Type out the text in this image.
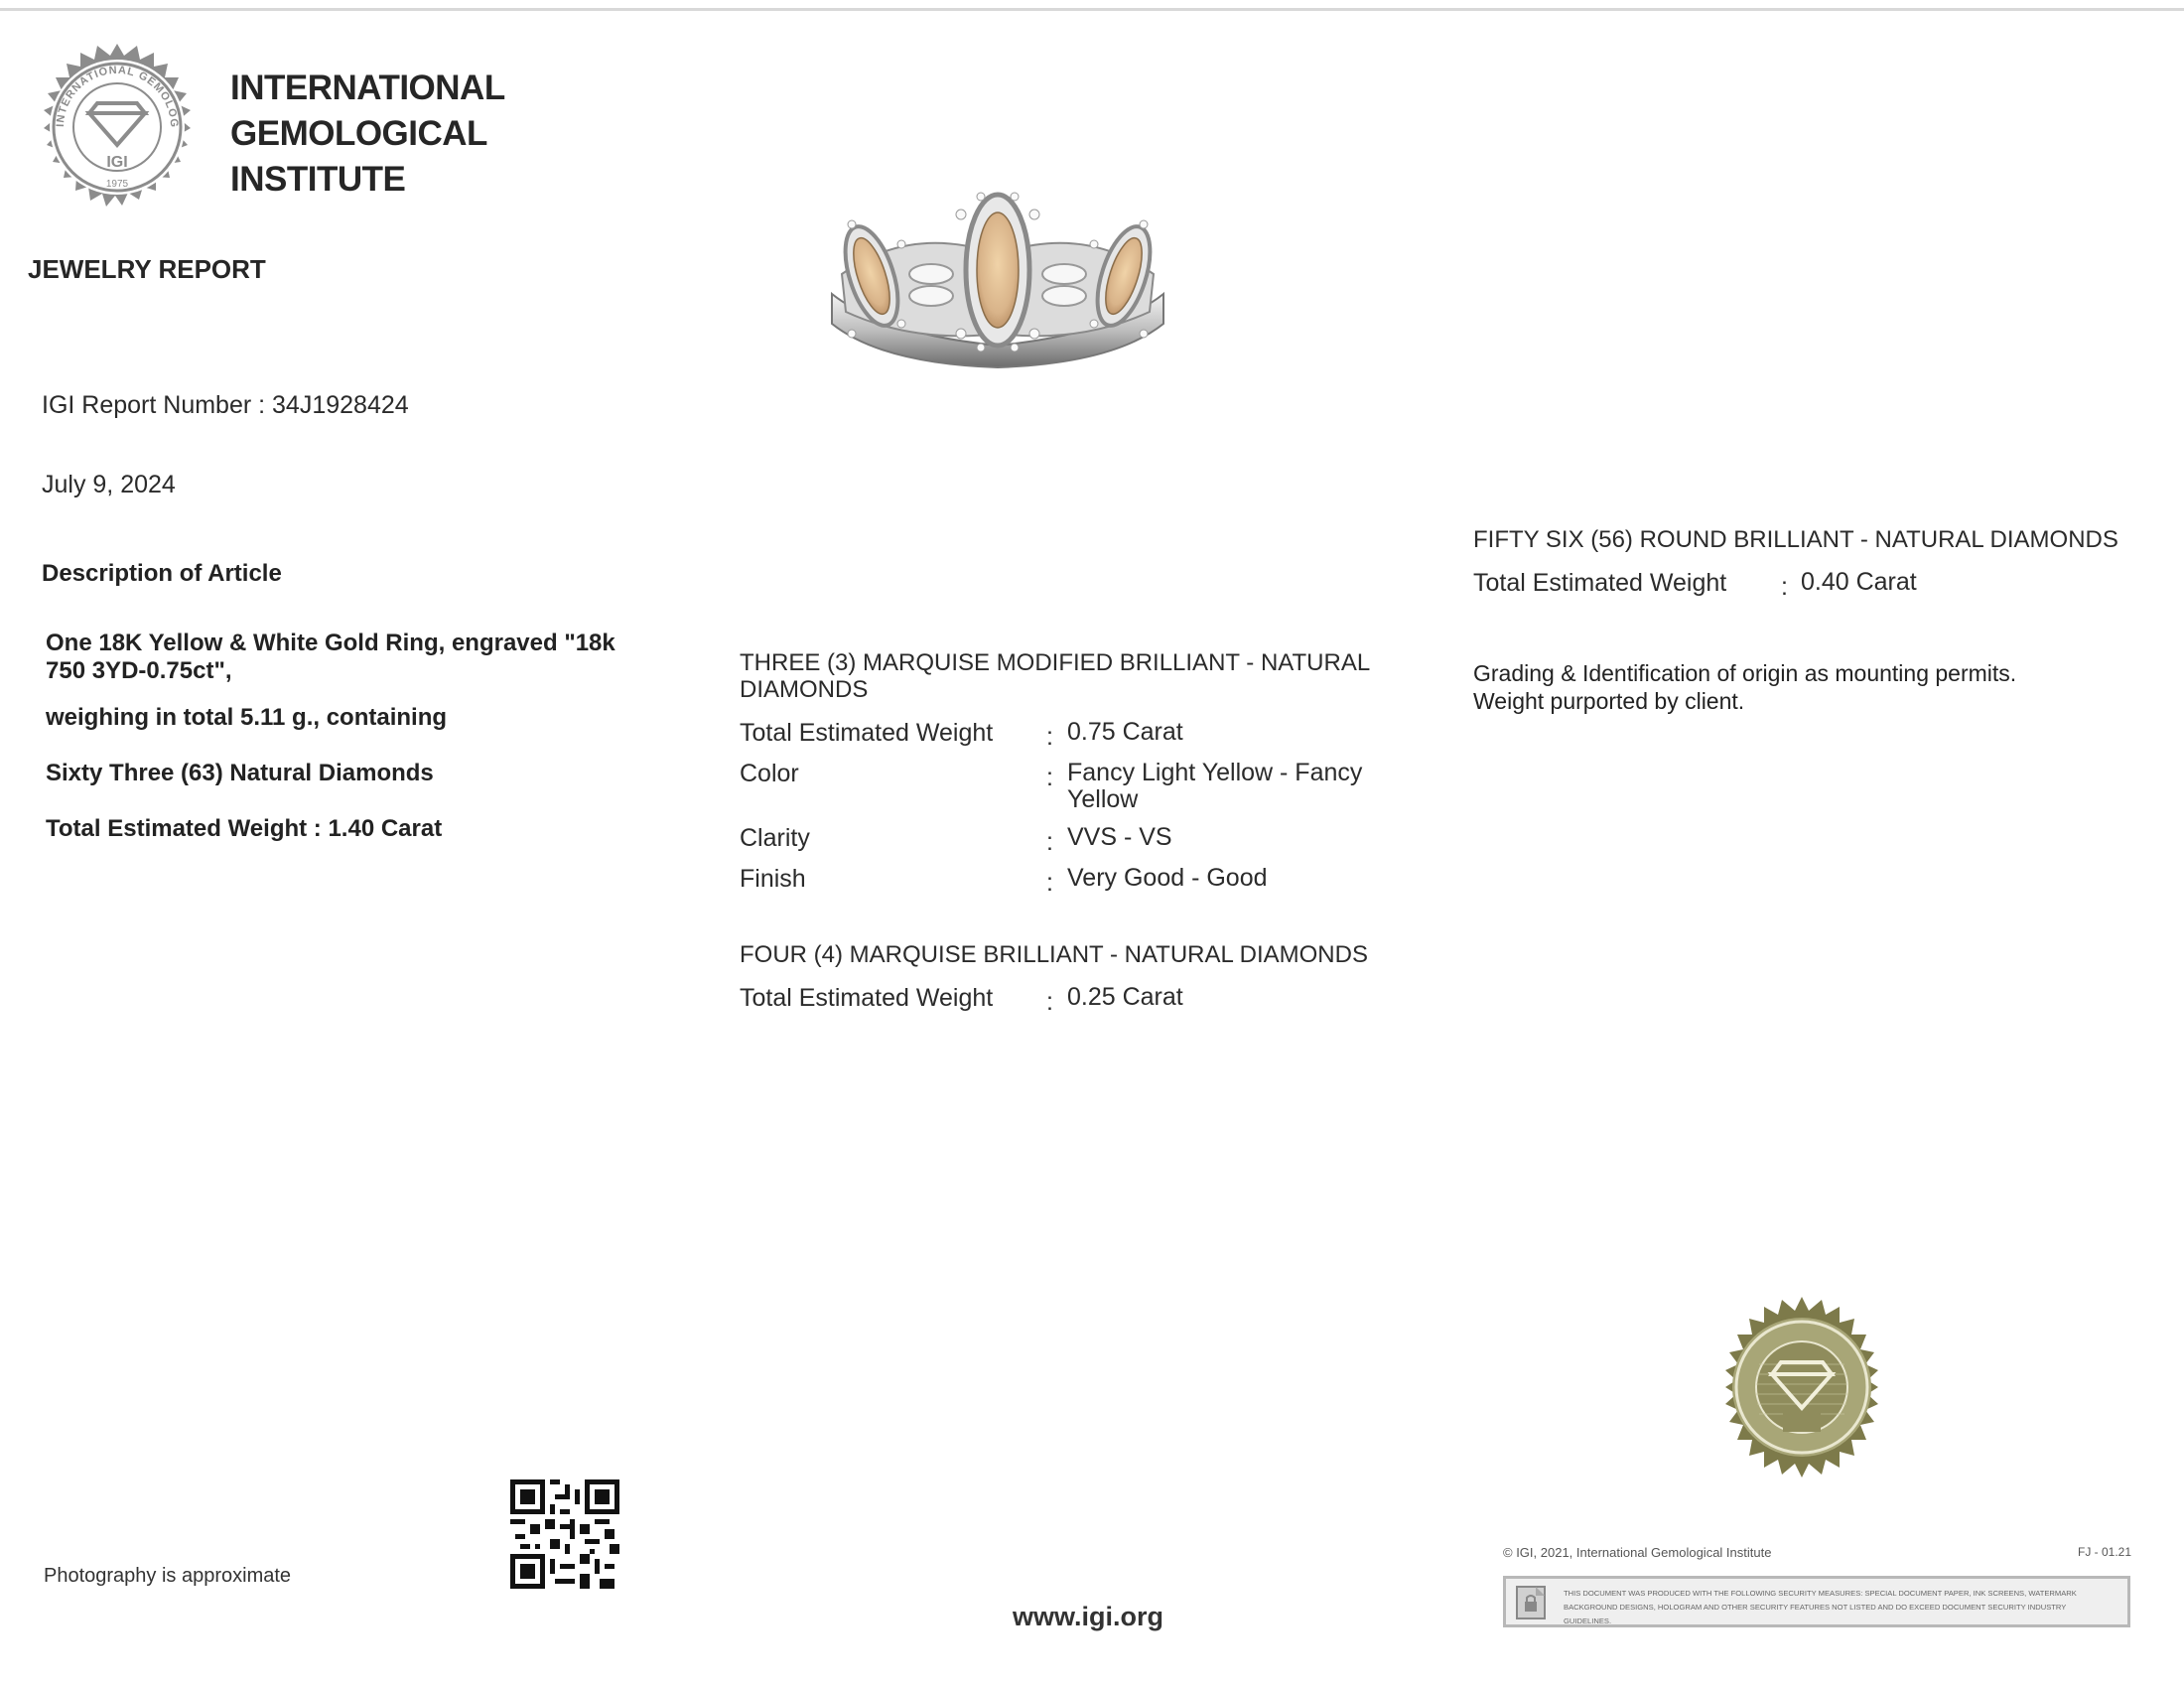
INTERNATIONAL GEMOLOG
IGI
1975
INTERNATIONAL
GEMOLOGICAL
INSTITUTE
JEWELRY REPORT
IGI Report Number : 34J1928424
July 9, 2024
Description of Article
One 18K Yellow & White Gold Ring, engraved "18k
750 3YD-0.75ct",
weighing in total 5.11 g., containing
Sixty Three (63) Natural Diamonds
Total Estimated Weight : 1.40 Carat
THREE (3) MARQUISE MODIFIED BRILLIANT - NATURAL
DIAMONDS
Total Estimated Weight : 0.75 Carat
Color	: Fancy Light Yellow - Fancy Yellow
Clarity	: VVS - VS
Finish	: Very Good - Good
FOUR (4) MARQUISE BRILLIANT - NATURAL DIAMONDS
Total Estimated Weight : 0.25 Carat
FIFTY SIX (56) ROUND BRILLIANT - NATURAL DIAMONDS
Total Estimated Weight : 0.40 Carat
Grading & Identification of origin as mounting permits.
Weight purported by client.
Photography is approximate
www.igi.org
© IGI, 2021, International Gemological Institute	FJ - 01.21
THIS DOCUMENT WAS PRODUCED WITH THE FOLLOWING SECURITY MEASURES: SPECIAL DOCUMENT PAPER, INK SCREENS, WATERMARK BACKGROUND DESIGNS, HOLOGRAM AND OTHER SECURITY FEATURES NOT LISTED AND DO EXCEED DOCUMENT SECURITY INDUSTRY GUIDELINES.
